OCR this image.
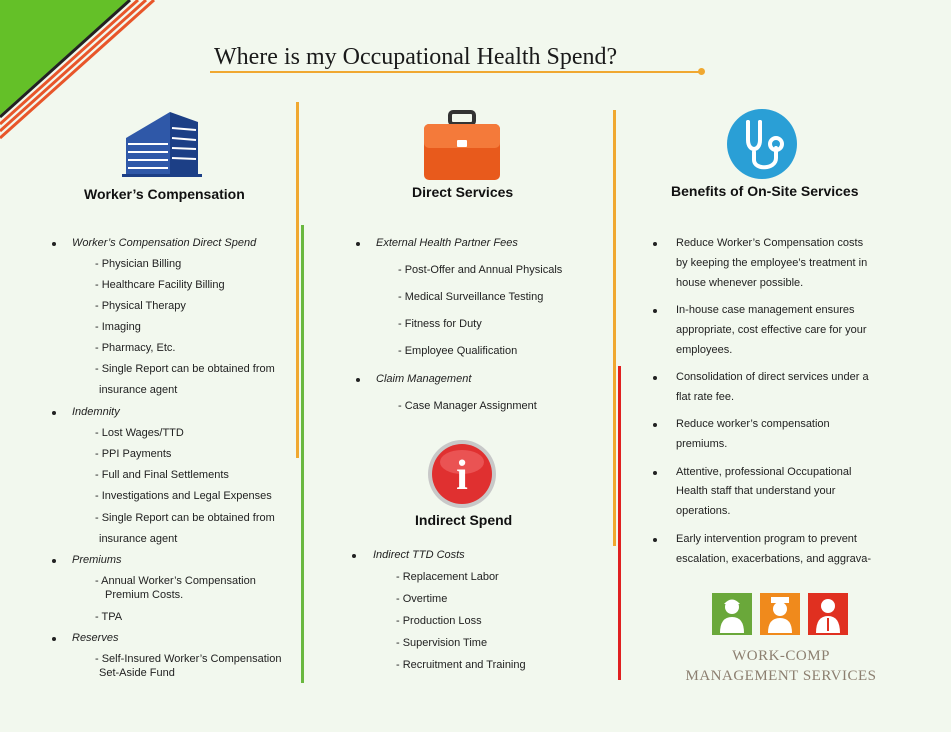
Where is my Occupational Health Spend?
Worker’s Compensation
Worker’s Compensation Direct Spend
- Physician Billing
- Healthcare Facility Billing
- Physical Therapy
- Imaging
- Pharmacy, Etc.
- Single Report can be obtained from
insurance agent
Indemnity
- Lost Wages/TTD
- PPI Payments
- Full and Final Settlements
- Investigations and Legal Expenses
- Single Report can be obtained from
insurance agent
Premiums
- Annual Worker’s Compensation
Premium Costs.
- TPA
Reserves
- Self-Insured Worker’s Compensation
Set-Aside Fund
Direct Services
External Health Partner Fees
- Post-Offer and Annual Physicals
- Medical Surveillance Testing
- Fitness for Duty
- Employee Qualification
Claim Management
- Case Manager Assignment
i
Indirect Spend
Indirect TTD Costs
- Replacement Labor
- Overtime
- Production Loss
- Supervision Time
- Recruitment and Training
Benefits of On-Site Services
Reduce Worker’s Compensation costs
by keeping the employee’s treatment in
house whenever possible.
In-house case management ensures
appropriate, cost effective care for your
employees.
Consolidation of direct services under a
flat rate fee.
Reduce worker’s compensation
premiums.
Attentive, professional Occupational
Health staff that understand your
operations.
Early intervention program to prevent
escalation, exacerbations, and aggrava-
WORK-COMP
MANAGEMENT SERVICES
